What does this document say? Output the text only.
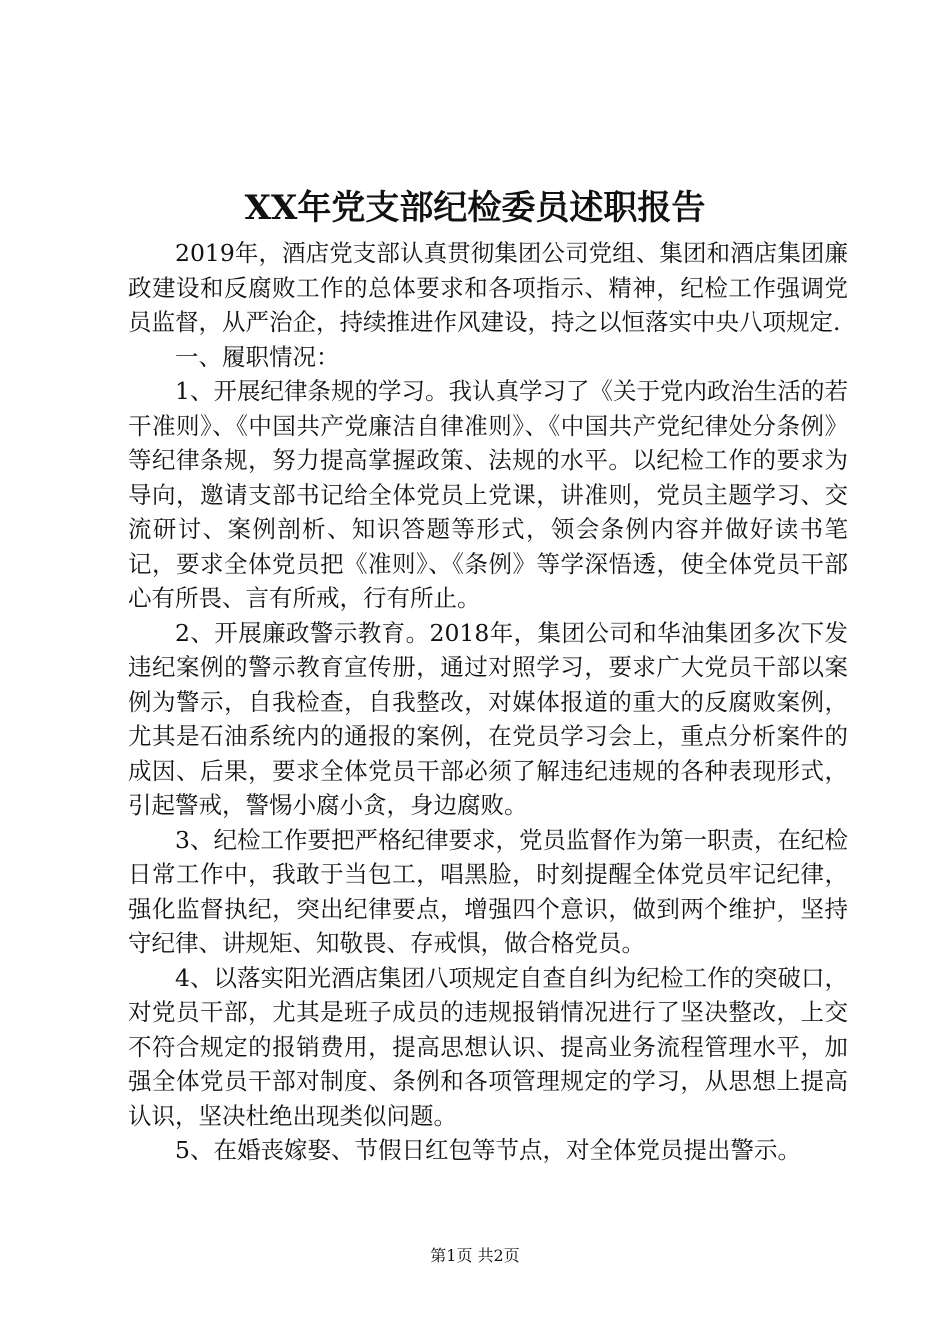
XX年党支部纪检委员述职报告

2019年，酒店党支部认真贯彻集团公司党组、集团和酒店集团廉政建设和反腐败工作的总体要求和各项指示、精神，纪检工作强调党员监督，从严治企，持续推进作风建设，持之以恒落实中央八项规定.

一、履职情况：

1、开展纪律条规的学习。我认真学习了《关于党内政治生活的若干准则》、《中国共产党廉洁自律准则》、《中国共产党纪律处分条例》等纪律条规，努力提高掌握政策、法规的水平。以纪检工作的要求为导向，邀请支部书记给全体党员上党课，讲准则，党员主题学习、交流研讨、案例剖析、知识答题等形式，领会条例内容并做好读书笔记，要求全体党员把《准则》、《条例》等学深悟透，使全体党员干部心有所畏、言有所戒，行有所止。

2、开展廉政警示教育。2018年，集团公司和华油集团多次下发违纪案例的警示教育宣传册，通过对照学习，要求广大党员干部以案例为警示，自我检查，自我整改，对媒体报道的重大的反腐败案例，尤其是石油系统内的通报的案例，在党员学习会上，重点分析案件的成因、后果，要求全体党员干部必须了解违纪违规的各种表现形式，引起警戒，警惕小腐小贪，身边腐败。

3、纪检工作要把严格纪律要求，党员监督作为第一职责，在纪检日常工作中，我敢于当包工，唱黑脸，时刻提醒全体党员牢记纪律，强化监督执纪，突出纪律要点，增强四个意识，做到两个维护，坚持守纪律、讲规矩、知敬畏、存戒惧，做合格党员。

4、以落实阳光酒店集团八项规定自查自纠为纪检工作的突破口，对党员干部，尤其是班子成员的违规报销情况进行了坚决整改，上交不符合规定的报销费用，提高思想认识、提高业务流程管理水平，加强全体党员干部对制度、条例和各项管理规定的学习，从思想上提高认识，坚决杜绝出现类似问题。

5、在婚丧嫁娶、节假日红包等节点，对全体党员提出警示。

第1页 共2页
